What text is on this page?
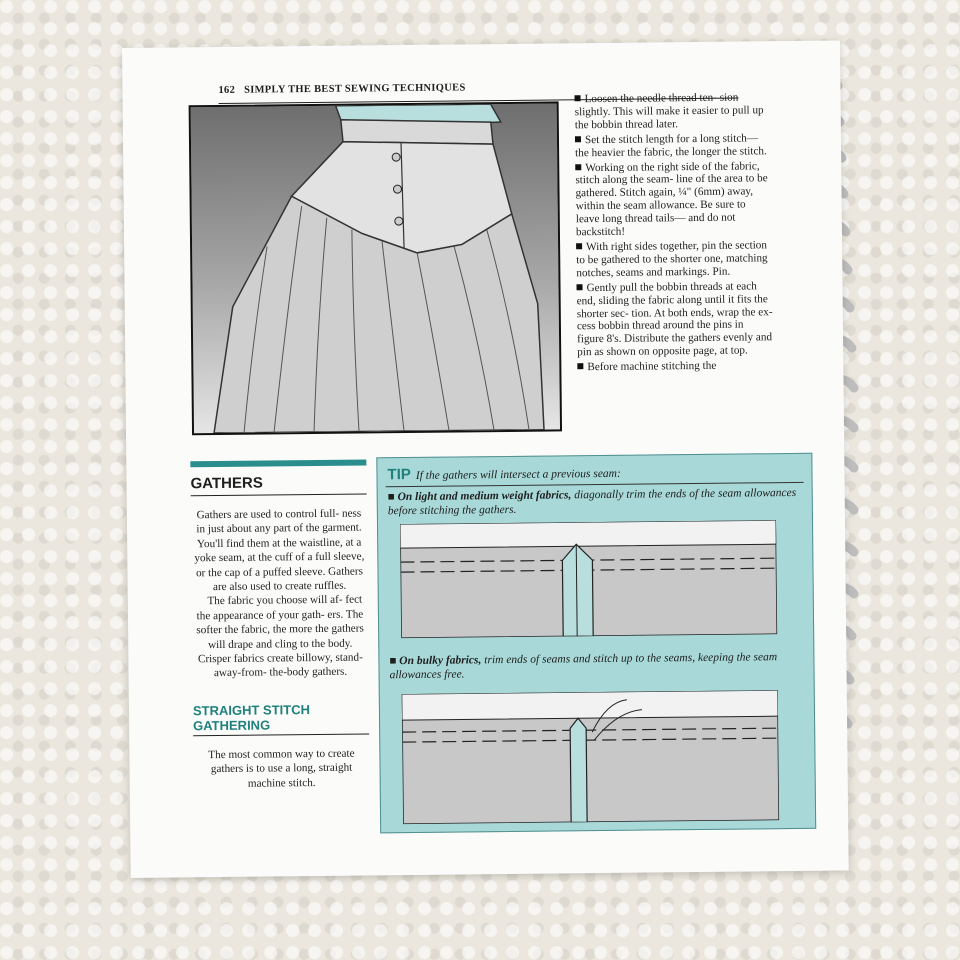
162 SIMPLY THE BEST SEWING TECHNIQUES

Loosen the needle thread ten- sion slightly. This will make it easier to pull up the bobbin thread later.

Set the stitch length for a long stitch—the heavier the fabric, the longer the stitch.

Working on the right side of the fabric, stitch along the seam- line of the area to be gathered. Stitch again, ¼" (6mm) away, within the seam allowance. Be sure to leave long thread tails— and do not backstitch!

With right sides together, pin the section to be gathered to the shorter one, matching notches, seams and markings. Pin.

Gently pull the bobbin threads at each end, sliding the fabric along until it fits the shorter sec- tion. At both ends, wrap the ex- cess bobbin thread around the pins in figure 8's. Distribute the gathers evenly and pin as shown on opposite page, at top.

Before machine stitching the

GATHERS

Gathers are used to control full- ness in just about any part of the garment. You'll find them at the waistline, at a yoke seam, at the cuff of a full sleeve, or the cap of a puffed sleeve. Gathers are also used to create ruffles.

The fabric you choose will af- fect the appearance of your gath- ers. The softer the fabric, the more the gathers will drape and cling to the body. Crisper fabrics create billowy, stand-away-from- the-body gathers.

STRAIGHT STITCH GATHERING

The most common way to create gathers is to use a long, straight machine stitch.

TIP If the gathers will intersect a previous seam:
■ On light and medium weight fabrics, diagonally trim the ends of the seam allowances before stitching the gathers.
■ On bulky fabrics, trim ends of seams and stitch up to the seams, keeping the seam allowances free.
